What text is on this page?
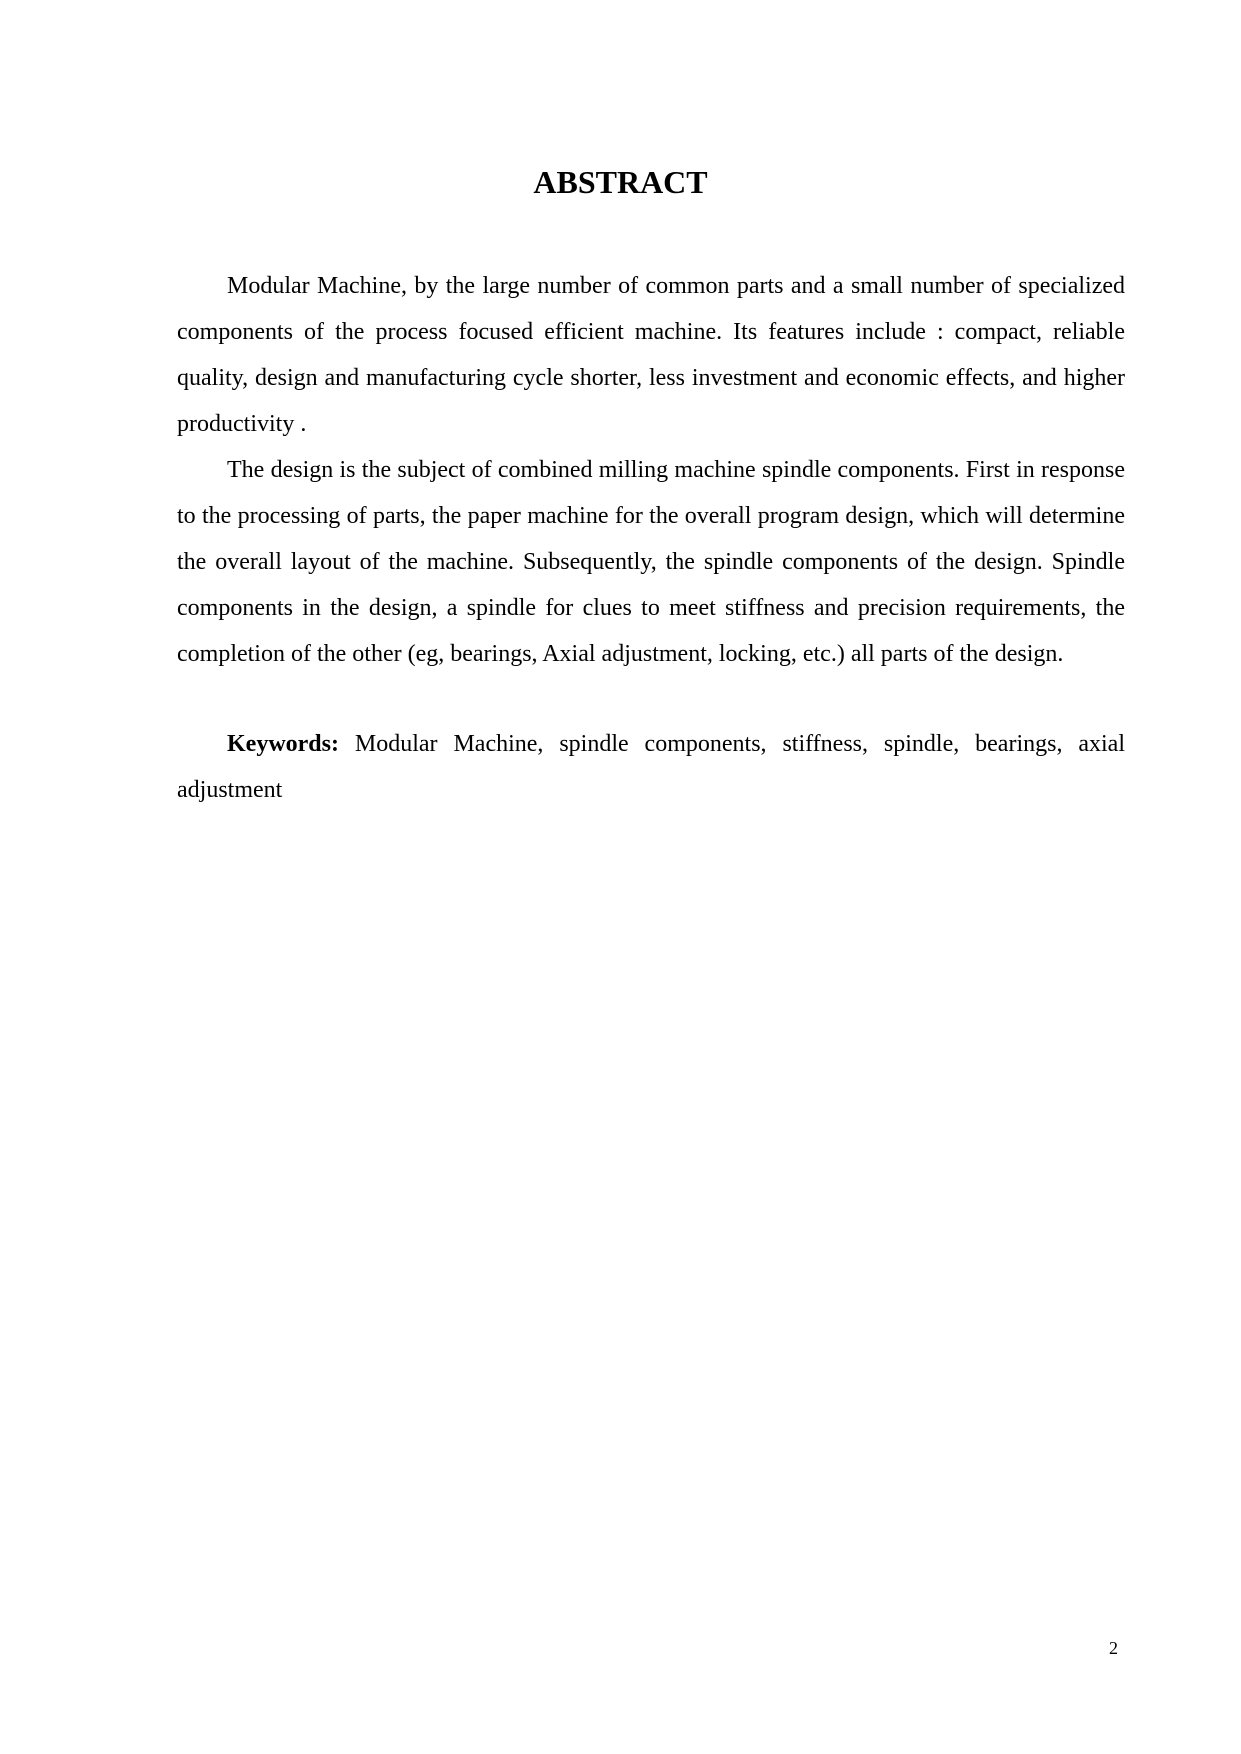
ABSTRACT

Modular Machine, by the large number of common parts and a small number of specialized components of the process focused efficient machine. Its features include : compact, reliable quality, design and manufacturing cycle shorter, less investment and economic effects, and higher productivity .

The design is the subject of combined milling machine spindle components. First in response to the processing of parts, the paper machine for the overall program design, which will determine the overall layout of the machine. Subsequently, the spindle components of the design. Spindle components in the design, a spindle for clues to meet stiffness and precision requirements, the completion of the other (eg, bearings, Axial adjustment, locking, etc.) all parts of the design.

Keywords: Modular Machine, spindle components, stiffness, spindle, bearings, axial adjustment

2
